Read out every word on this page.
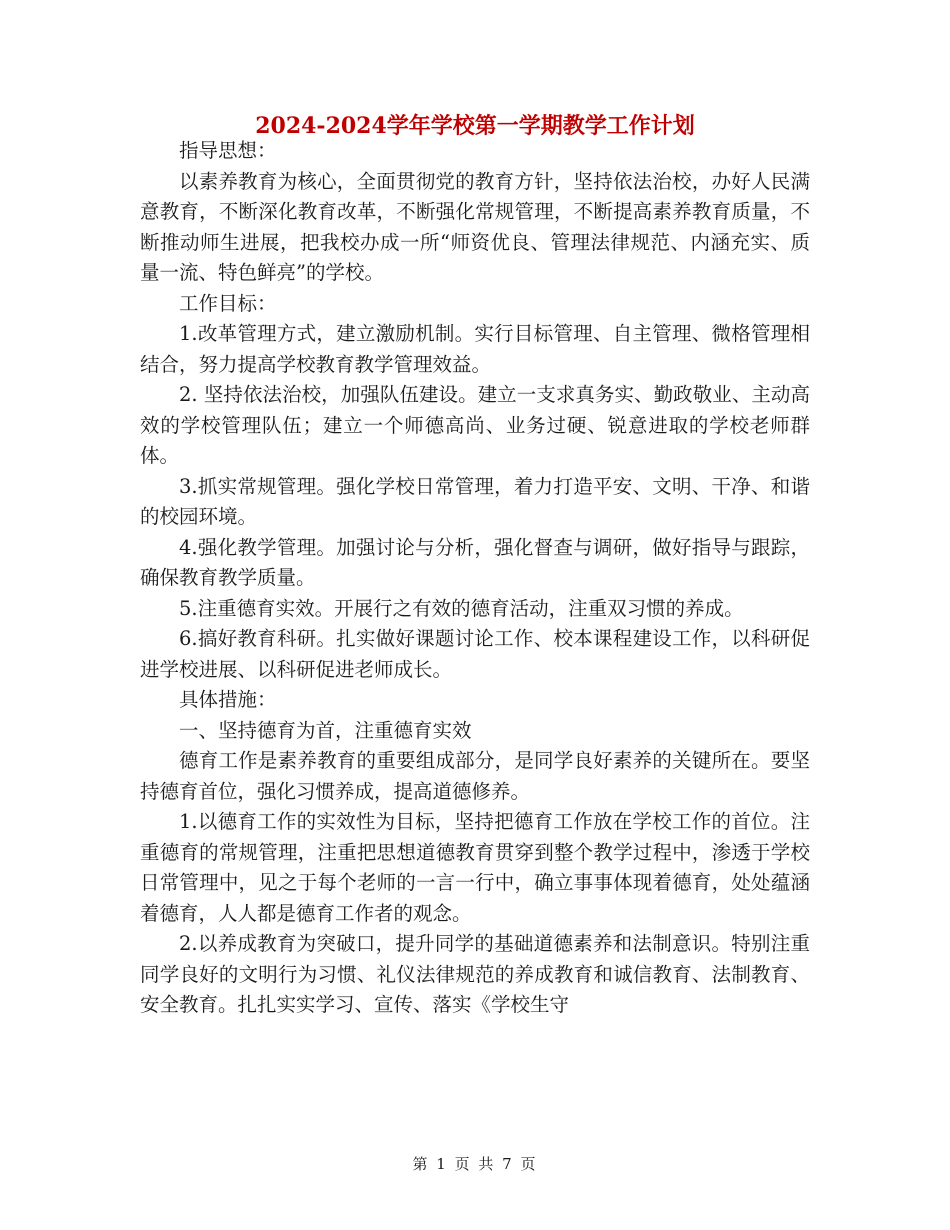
2024-2024学年学校第一学期教学工作计划

指导思想：

以素养教育为核心，全面贯彻党的教育方针，坚持依法治校，办好人民满意教育，不断深化教育改革，不断强化常规管理，不断提高素养教育质量，不断推动师生进展，把我校办成一所“师资优良、管理法律规范、内涵充实、质量一流、特色鲜亮”的学校。

工作目标：

1.改革管理方式，建立激励机制。实行目标管理、自主管理、微格管理相结合，努力提高学校教育教学管理效益。

2. 坚持依法治校，加强队伍建设。建立一支求真务实、勤政敬业、主动高效的学校管理队伍；建立一个师德高尚、业务过硬、锐意进取的学校老师群体。

3.抓实常规管理。强化学校日常管理，着力打造平安、文明、干净、和谐的校园环境。

4.强化教学管理。加强讨论与分析，强化督查与调研，做好指导与跟踪，确保教育教学质量。

5.注重德育实效。开展行之有效的德育活动，注重双习惯的养成。

6.搞好教育科研。扎实做好课题讨论工作、校本课程建设工作，以科研促进学校进展、以科研促进老师成长。

具体措施：

一、坚持德育为首，注重德育实效

德育工作是素养教育的重要组成部分，是同学良好素养的关键所在。要坚持德育首位，强化习惯养成，提高道德修养。

1.以德育工作的实效性为目标，坚持把德育工作放在学校工作的首位。注重德育的常规管理，注重把思想道德教育贯穿到整个教学过程中，渗透于学校日常管理中，见之于每个老师的一言一行中，确立事事体现着德育，处处蕴涵着德育，人人都是德育工作者的观念。

2.以养成教育为突破口，提升同学的基础道德素养和法制意识。特别注重同学良好的文明行为习惯、礼仪法律规范的养成教育和诚信教育、法制教育、安全教育。扎扎实实学习、宣传、落实《学校生守

第 1 页 共 7 页
